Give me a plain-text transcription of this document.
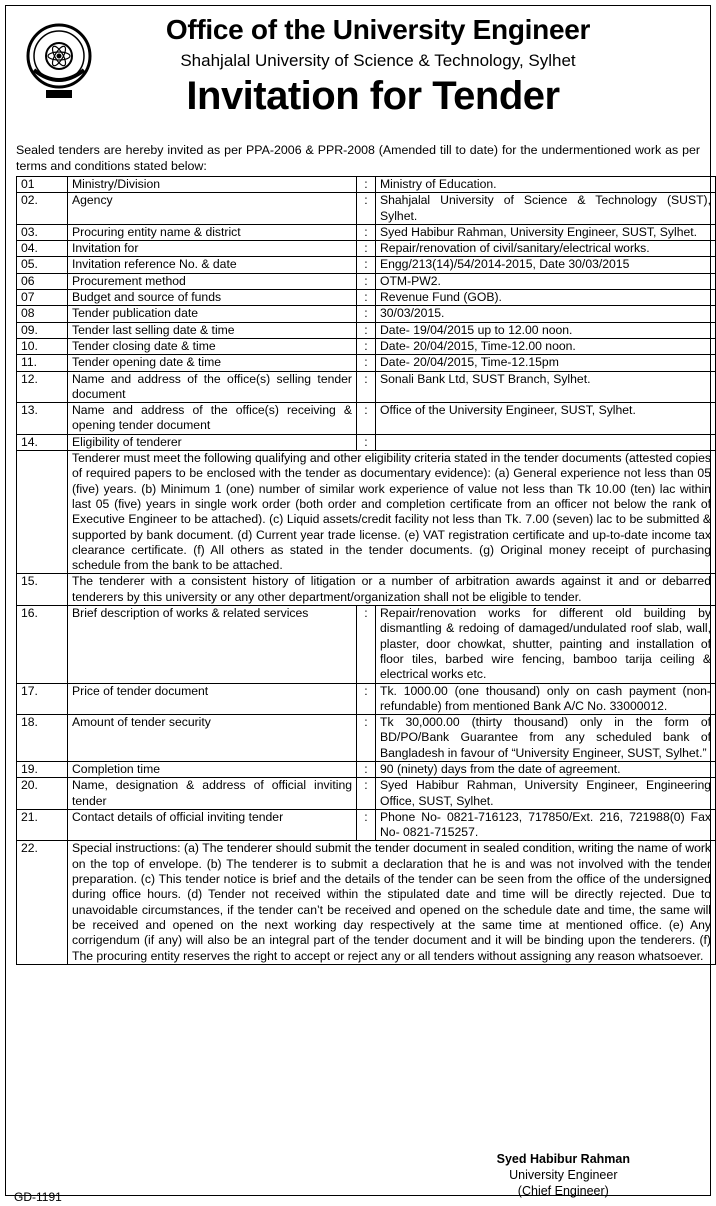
Office of the University Engineer
Shahjalal University of Science & Technology, Sylhet
Invitation for Tender
Sealed tenders are hereby invited as per PPA-2006 & PPR-2008 (Amended till to date) for the undermentioned work as per terms and conditions stated below:
01	Ministry/Division	:	Ministry of Education.
02.	Agency	:	Shahjalal University of Science & Technology (SUST), Sylhet.
03.	Procuring entity name & district	:	Syed Habibur Rahman, University Engineer, SUST, Sylhet.
04.	Invitation for	:	Repair/renovation of civil/sanitary/electrical works.
05.	Invitation reference No. & date	:	Engg/213(14)/54/2014-2015, Date 30/03/2015
06	Procurement method	:	OTM-PW2.
07	Budget and source of funds	:	Revenue Fund (GOB).
08	Tender publication date	:	30/03/2015.
09.	Tender last selling date & time	:	Date- 19/04/2015 up to 12.00 noon.
10.	Tender closing date & time	:	Date- 20/04/2015, Time-12.00 noon.
11.	Tender opening date & time	:	Date- 20/04/2015, Time-12.15pm
12.	Name and address of the office(s) selling tender document	:	Sonali Bank Ltd, SUST Branch, Sylhet.
13.	Name and address of the office(s) receiving & opening tender document	:	Office of the University Engineer, SUST, Sylhet.
14.	Eligibility of tenderer	:	
	Tenderer must meet the following qualifying and other eligibility criteria stated in the tender documents (attested copies of required papers to be enclosed with the tender as documentary evidence): (a) General experience not less than 05 (five) years. (b) Minimum 1 (one) number of similar work experience of value not less than Tk 10.00 (ten) lac within last 05 (five) years in single work order (both order and completion certificate from an officer not below the rank of Executive Engineer to be attached). (c) Liquid assets/credit facility not less than Tk. 7.00 (seven) lac to be submitted & supported by bank document. (d) Current year trade license. (e) VAT registration certificate and up-to-date income tax clearance certificate. (f) All others as stated in the tender documents. (g) Original money receipt of purchasing schedule from the bank to be attached.		
15.	The tenderer with a consistent history of litigation or a number of arbitration awards against it and or debarred tenderers by this university or any other department/organization shall not be eligible to tender.		
16.	Brief description of works & related services	:	Repair/renovation works for different old building by dismantling & redoing of damaged/undulated roof slab, wall, plaster, door chowkat, shutter, painting and installation of floor tiles, barbed wire fencing, bamboo tarija ceiling & electrical works etc.
17.	Price of tender document	:	Tk. 1000.00 (one thousand) only on cash payment (non-refundable) from mentioned Bank A/C No. 33000012.
18.	Amount of tender security	:	Tk 30,000.00 (thirty thousand) only in the form of BD/PO/Bank Guarantee from any scheduled bank of Bangladesh in favour of “University Engineer, SUST, Sylhet.”
19.	Completion time	:	90 (ninety) days from the date of agreement.
20.	Name, designation & address of official inviting tender	:	Syed Habibur Rahman, University Engineer, Engineering Office, SUST, Sylhet.
21.	Contact details of official inviting tender	:	Phone No- 0821-716123, 717850/Ext. 216, 721988(0) Fax No- 0821-715257.
22.	Special instructions: (a) The tenderer should submit the tender document in sealed condition, writing the name of work on the top of envelope. (b) The tenderer is to submit a declaration that he is and was not involved with the tender preparation. (c) This tender notice is brief and the details of the tender can be seen from the office of the undersigned during office hours. (d) Tender not received within the stipulated date and time will be directly rejected. Due to unavoidable circumstances, if the tender can’t be received and opened on the schedule date and time, the same will be received and opened on the next working day respectively at the same time at mentioned office. (e) Any corrigendum (if any) will also be an integral part of the tender document and it will be binding upon the tenderers. (f) The procuring entity reserves the right to accept or reject any or all tenders without assigning any reason whatsoever.		
Syed Habibur Rahman
University Engineer
(Chief Engineer)
GD-1191
